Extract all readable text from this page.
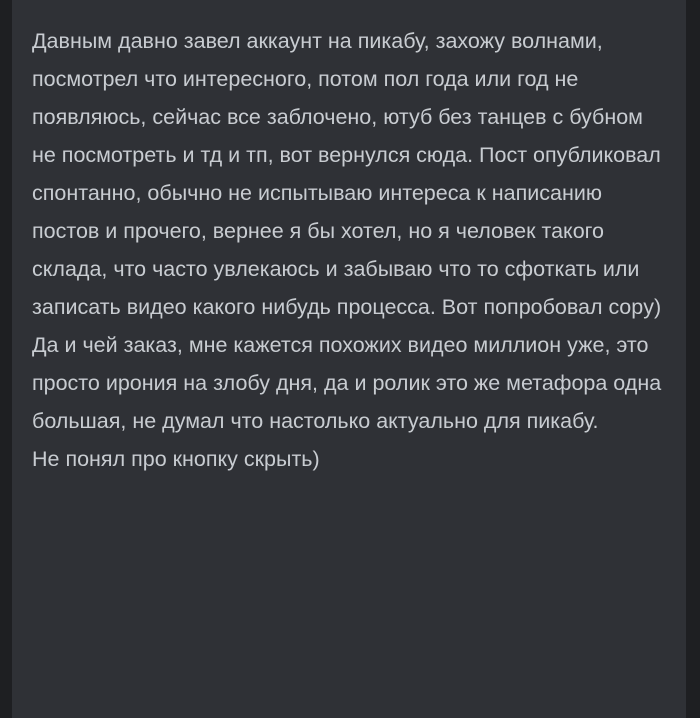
Давным давно завел аккаунт на пикабу, захожу волнами, посмотрел что интересного, потом пол года или год не появляюсь, сейчас все заблочено, ютуб без танцев с бубном не посмотреть и тд и тп, вот вернулся сюда. Пост опубликовал спонтанно, обычно не испытываю интереса к написанию постов и прочего, вернее я бы хотел, но я человек такого склада, что часто увлекаюсь и забываю что то сфоткать или записать видео какого нибудь процесса. Вот попробовал copy)

Да и чей заказ, мне кажется похожих видео миллион уже, это просто ирония на злобу дня, да и ролик это же метафора одна большая, не думал что настолько актуально для пикабу.

Не понял про кнопку скрыть)
